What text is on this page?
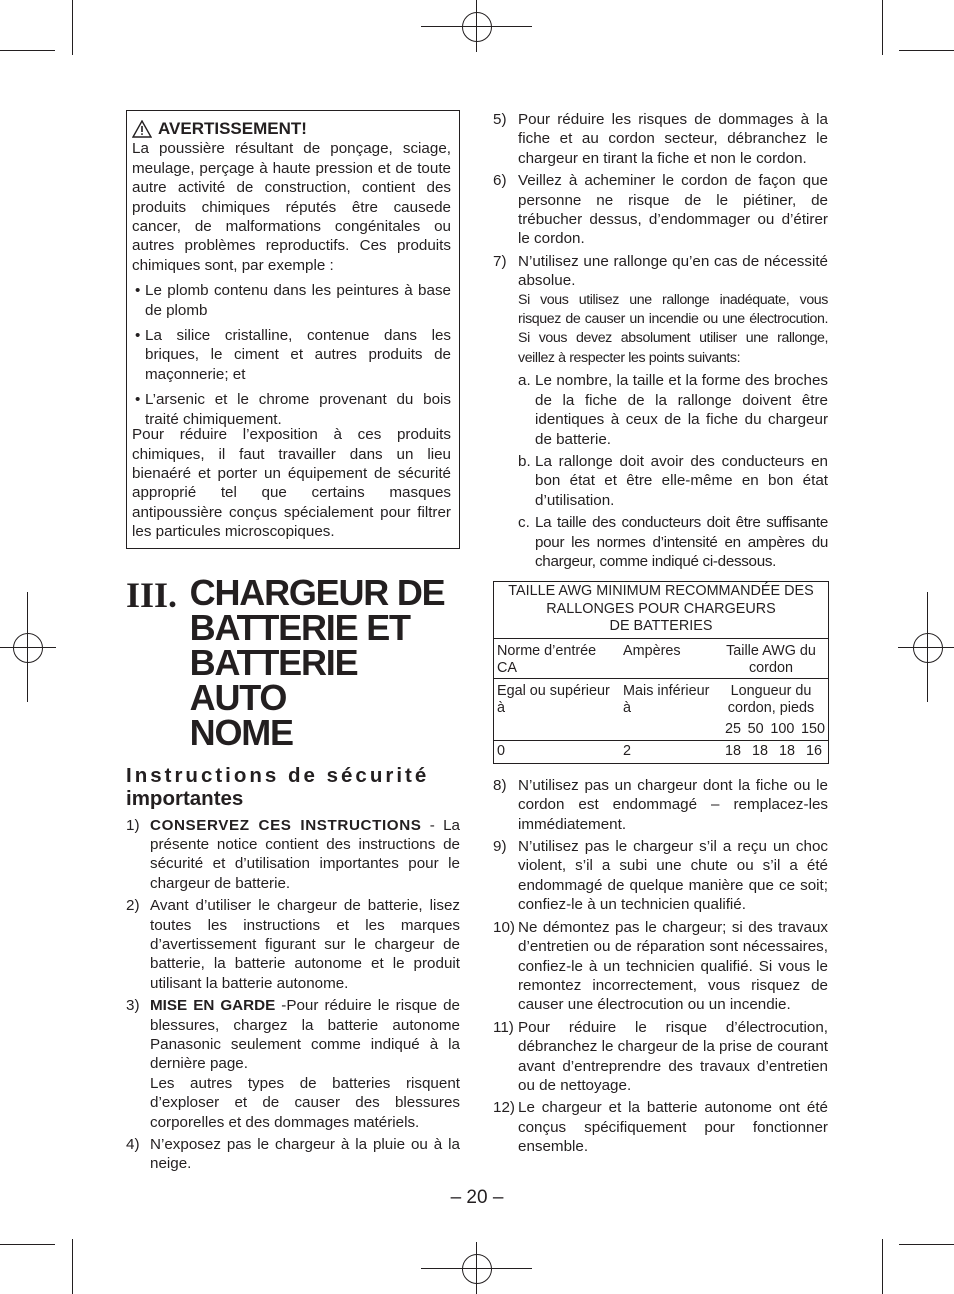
AVERTISSEMENT!
La poussière résultant de ponçage, sciage, meulage, perçage à haute pression et de toute autre activité de construction, contient des produits chimiques réputés être causede cancer, de malformations congénitales ou autres problèmes reproductifs. Ces produits chimiques sont, par exemple :
• Le plomb contenu dans les peintures à base de plomb
• La silice cristalline, contenue dans les briques, le ciment et autres produits de maçonnerie; et
• L’arsenic et le chrome provenant du bois traité chimiquement.
Pour réduire l’exposition à ces produits chimiques, il faut travailler dans un lieu bienaéré et porter un équipement de sécurité approprié tel que certains masques antipoussière conçus spécialement pour filtrer les particules microscopiques.
III. CHARGEUR DE
BATTERIE ET
BATTERIE AUTO
NOME
Instructions de sécurité
importantes
1) CONSERVEZ CES INSTRUCTIONS - La présente notice contient des instructions de sécurité et d’utilisation importantes pour le chargeur de batterie.
2) Avant d’utiliser le chargeur de batterie, lisez toutes les instructions et les marques d’avertissement figurant sur le chargeur de batterie, la batterie autonome et le produit utilisant la batterie autonome.
3) MISE EN GARDE -Pour réduire le risque de blessures, chargez la batterie autonome Panasonic seulement comme indiqué à la dernière page.
Les autres types de batteries risquent d’exploser et de causer des blessures corporelles et des dommages matériels.
4) N’exposez pas le chargeur à la pluie ou à la neige.
5) Pour réduire les risques de dommages à la fiche et au cordon secteur, débranchez le chargeur en tirant la fiche et non le cordon.
6) Veillez à acheminer le cordon de façon que personne ne risque de le piétiner, de trébucher dessus, d’endommager ou d’étirer le cordon.
7) N’utilisez une rallonge qu’en cas de nécessité absolue.
Si vous utilisez une rallonge inadéquate, vous risquez de causer un incendie ou une électrocution. Si vous devez absolument utiliser une rallonge, veillez à respecter les points suivants:
a. Le nombre, la taille et la forme des broches de la fiche de la rallonge doivent être identiques à ceux de la fiche du chargeur de batterie.
b. La rallonge doit avoir des conducteurs en bon état et être elle-même en bon état d’utilisation.
c. La taille des conducteurs doit être suffisante pour les normes d’intensité en ampères du chargeur, comme indiqué ci-dessous.
TAILLE AWG MINIMUM RECOMMANDÉE DES
RALLONGES POUR CHARGEURS
DE BATTERIES		

Norme d’entrée CA	Ampères	Taille AWG du cordon
Egal ou supérieur à	Mais inférieur à	Longueur du cordon, pieds
25 50 100 150

0	2	18 18 18 16
8) N’utilisez pas un chargeur dont la fiche ou le cordon est endommagé – remplacez-les immédiatement.
9) N’utilisez pas le chargeur s’il a reçu un choc violent, s’il a subi une chute ou s’il a été endommagé de quelque manière que ce soit; confiez-le à un technicien qualifié.
10) Ne démontez pas le chargeur; si des travaux d’entretien ou de réparation sont nécessaires, confiez-le à un technicien qualifié. Si vous le remontez incorrectement, vous risquez de causer une électrocution ou un incendie.
11) Pour réduire le risque d’électrocution, débranchez le chargeur de la prise de courant avant d’entreprendre des travaux d’entretien ou de nettoyage.
12) Le chargeur et la batterie autonome ont été conçus spécifiquement pour fonctionner ensemble.
– 20 –
